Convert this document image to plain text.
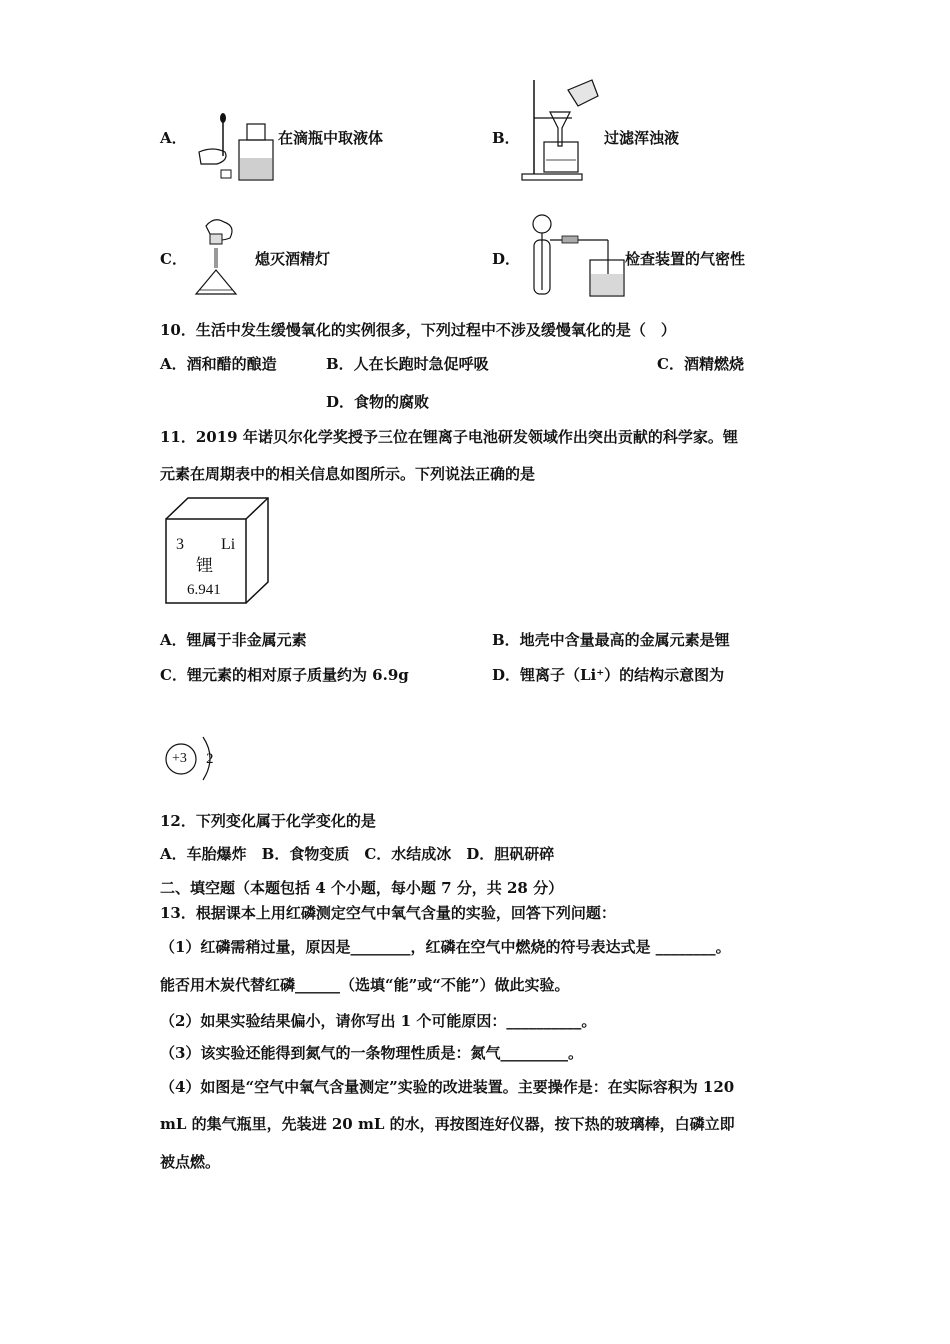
A．	在滴瓶中取液体	B．	过滤浑浊液
C．	熄灭酒精灯	D．	检查装置的气密性
10．生活中发生缓慢氧化的实例很多，下列过程中不涉及缓慢氧化的是（　）
A．酒和醋的酿造	B．人在长跑时急促呼吸	C．酒精燃烧
D．食物的腐败
11．2019 年诺贝尔化学奖授予三位在锂离子电池研发领域作出突出贡献的科学家。锂
元素在周期表中的相关信息如图所示。下列说法正确的是
3 Li
锂
6.941
A．锂属于非金属元素	B．地壳中含量最高的金属元素是锂
C．锂元素的相对原子质量约为 6.9g	D．锂离子（Li⁺）的结构示意图为
+3 2
12．下列变化属于化学变化的是
A．车胎爆炸　B．食物变质　C．水结成冰　D．胆矾研碎
二、填空题（本题包括 4 个小题，每小题 7 分，共 28 分）
13．根据课本上用红磷测定空气中氧气含量的实验，回答下列问题：
（1）红磷需稍过量，原因是________，红磷在空气中燃烧的符号表达式是 ________。
能否用木炭代替红磷______（选填“能”或“不能”）做此实验。
（2）如果实验结果偏小，请你写出 1 个可能原因：__________。
（3）该实验还能得到氮气的一条物理性质是：氮气_________。
（4）如图是“空气中氧气含量测定”实验的改进装置。主要操作是：在实际容积为 120
mL 的集气瓶里，先装进 20 mL 的水，再按图连好仪器，按下热的玻璃棒，白磷立即
被点燃。
